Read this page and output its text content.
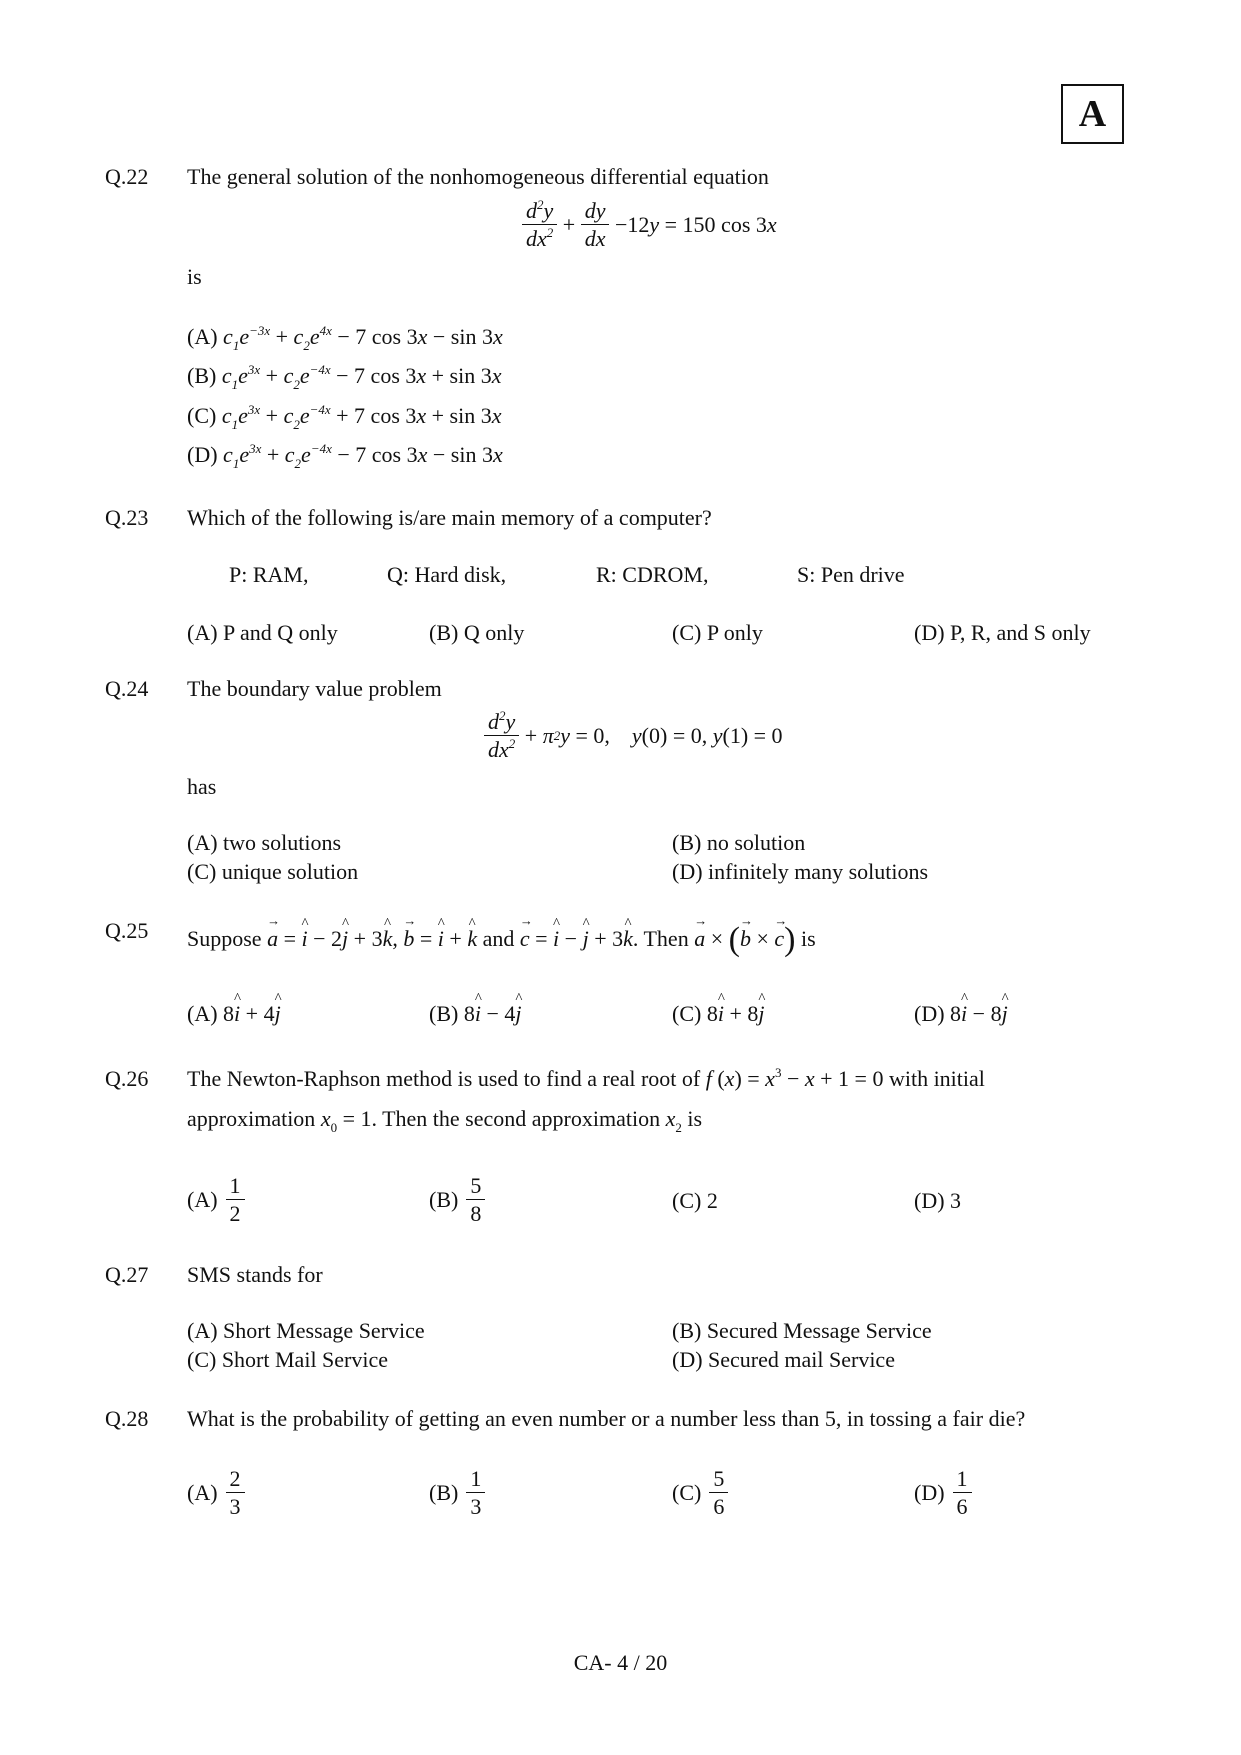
A
Q.22 The general solution of the nonhomogeneous differential equation
$\frac{d^2y}{dx^2} + \frac{dy}{dx} -12$ y = 150 cos 3 x
is
(A) $c_1e^{-3x} + c_2e^{4x} - 7$ cos 3x − sin 3x
(B) $c_1e^{3x} + c_2e^{-4x} - 7$ cos 3x + sin 3x
(C) $c_1e^{3x} + c_2e^{-4x} + 7$ cos 3x + sin 3x
(D) $c_1e^{3x} + c_2e^{-4x} - 7$ cos 3x − sin 3x
Q.23 Which of the following is/are main memory of a computer?
P: RAM,	Q: Hard disk,	R: CDROM,	S: Pen drive
(A) P and Q only	(B) Q only	(C) P only	(D) P, R, and S only
Q.24 The boundary value problem
$\frac{d^2y}{dx^2} + \pi$ 2 y = 0, y (0) = 0, y (1) = 0
has
(A) two solutions	(B) no solution
(C) unique solution	(D) infinitely many solutions
Q.25 Suppose → a = ^ i − 2^ j + 3^ k, → b = ^ i + ^ k and → c = ^ i − ^ j + 3^ k. Then → a × (→ b × → c) is
(A) 8^ i + 4^ j	(B) 8^ i − 4^ j	(C) 8^ i + 8^ j	(D) 8^ i − 8^ j
Q.26 The Newton-Raphson method is used to find a real root of f $(x) = x^3 - x + 1 = 0$ with initial
approximation $x_0 = 1$. Then the second approximation $x_2$ is
$(A) \frac{1}{2}$	$(B) \frac{5}{8}$	(C) 2	(D) 3
Q.27 SMS stands for
(A) Short Message Service	(B) Secured Message Service
(C) Short Mail Service	(D) Secured mail Service
Q.28 What is the probability of getting an even number or a number less than 5, in tossing a fair die?
$(A) \frac{2}{3}$	$(B) \frac{1}{3}$	$(C) \frac{5}{6}$	$(D) \frac{1}{6}$
CA- 4 / 20
